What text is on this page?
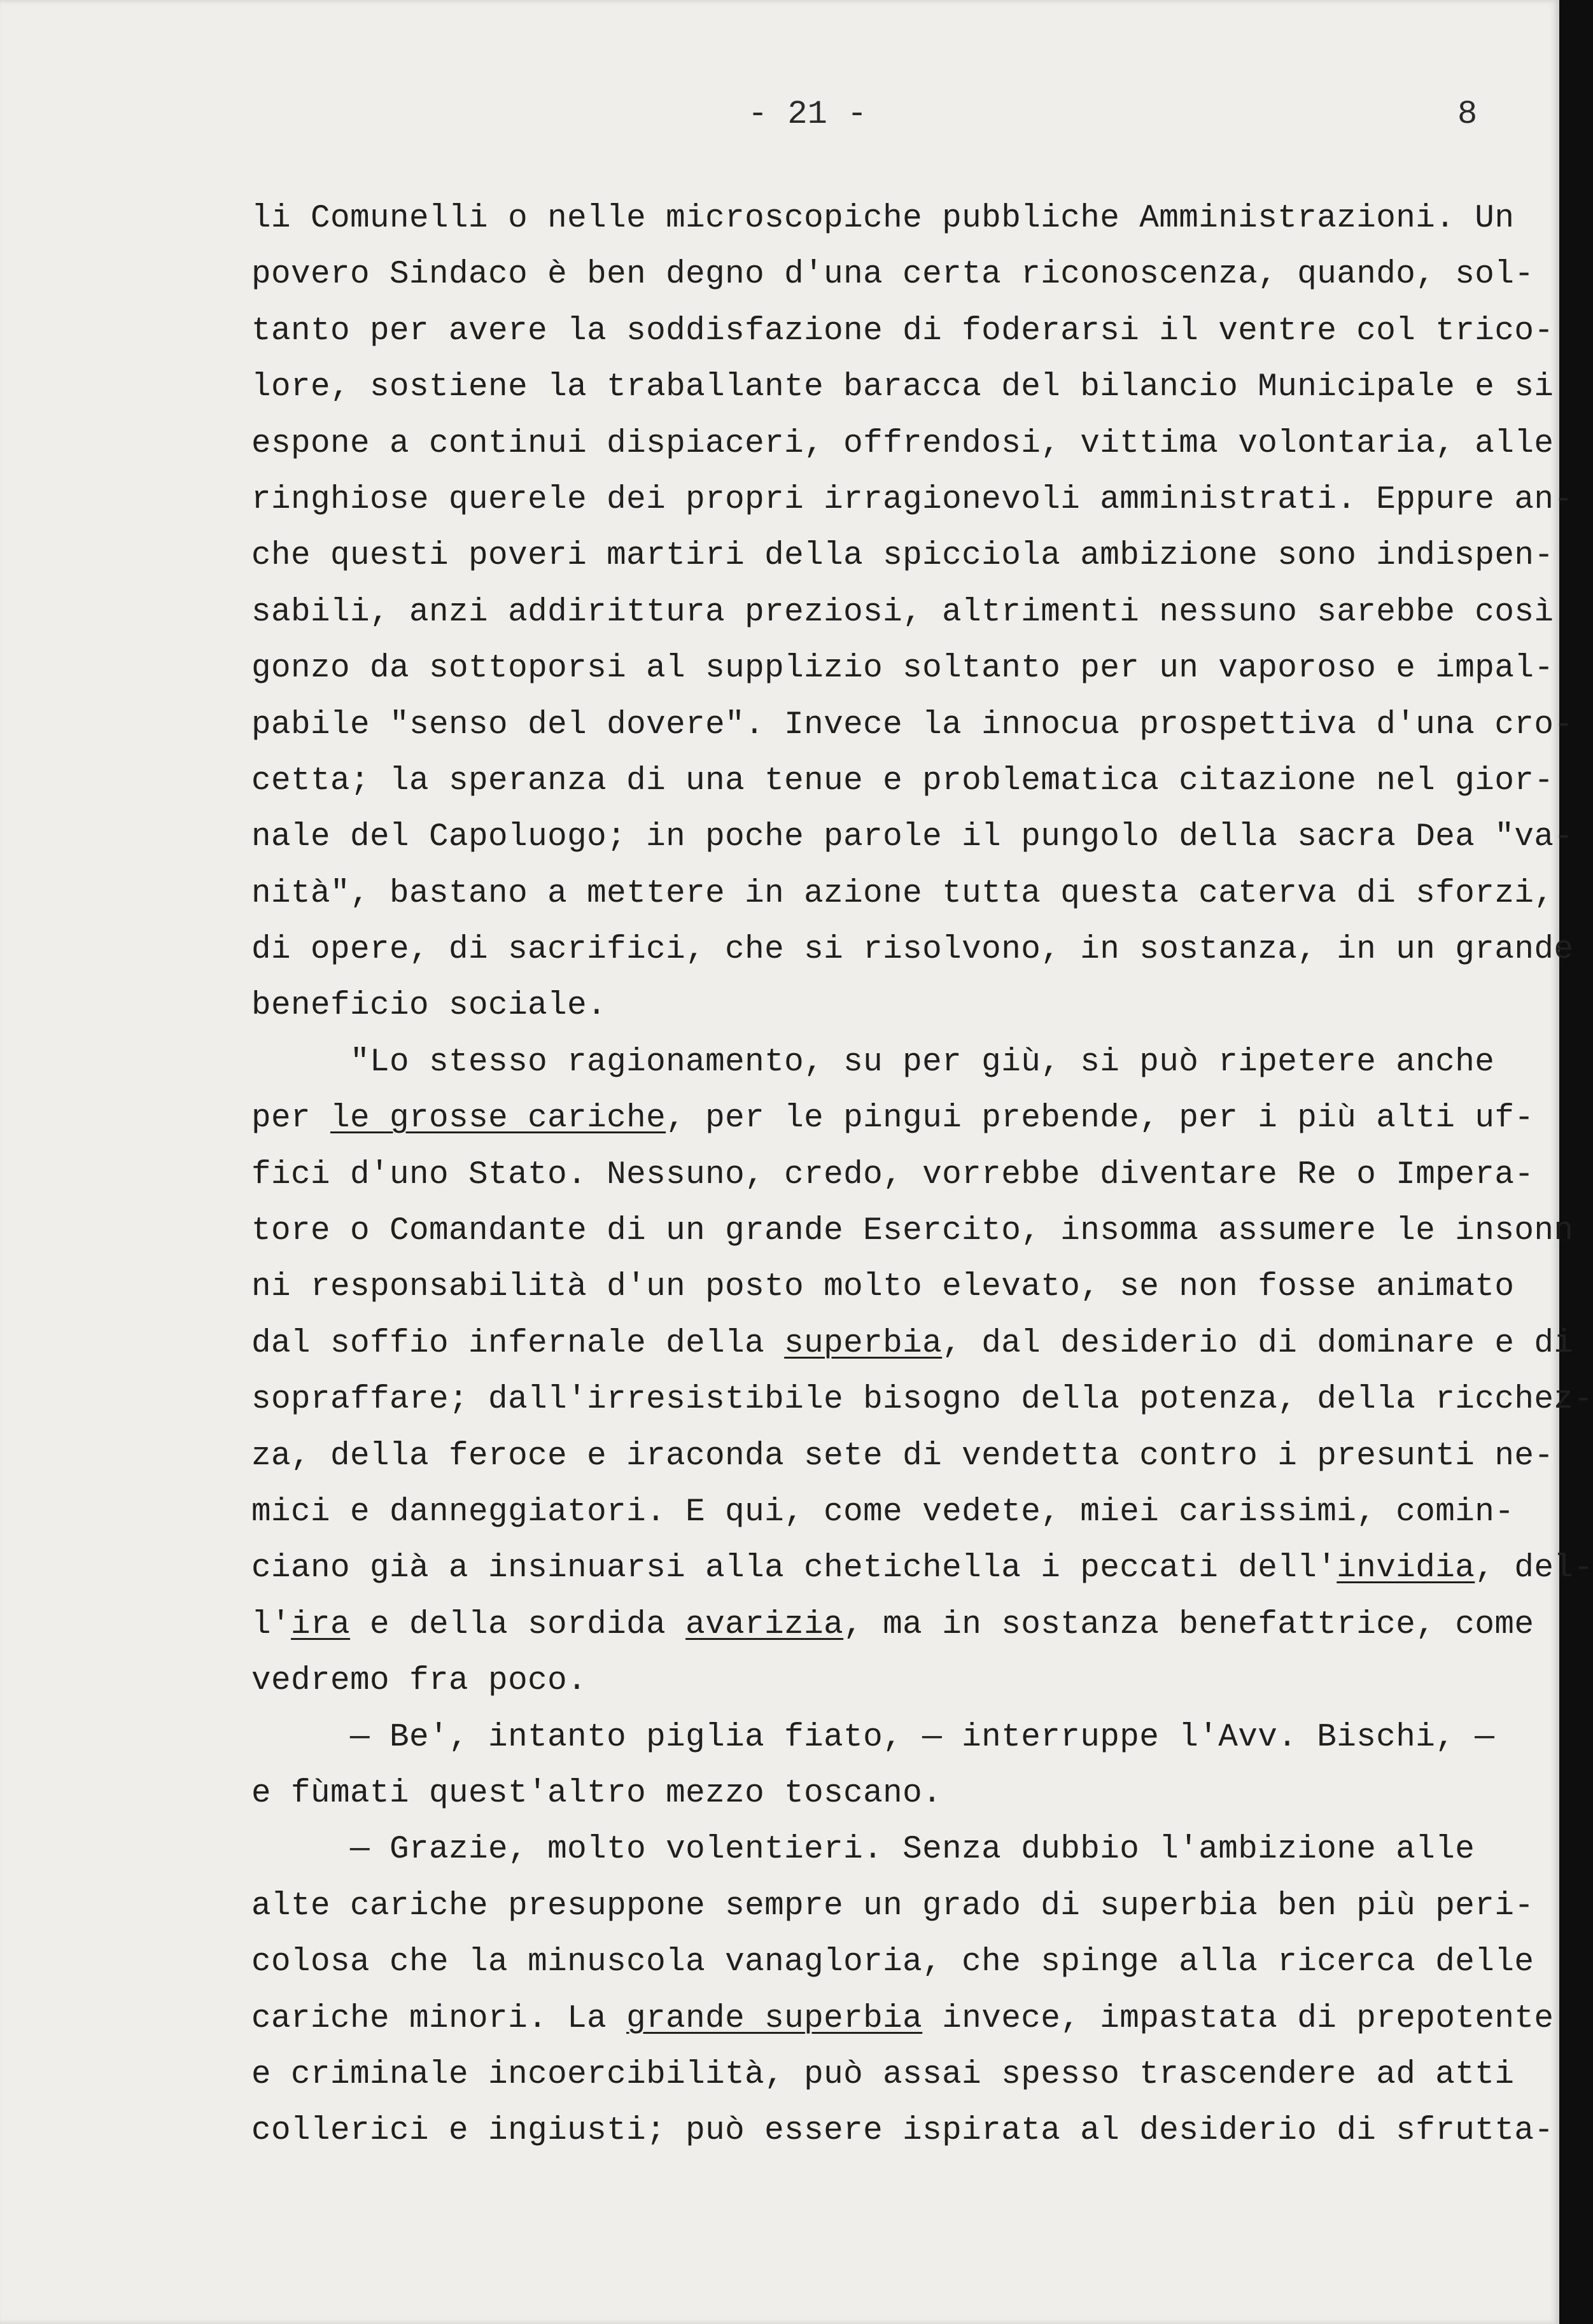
- 21 -	8
li Comunelli o nelle microscopiche pubbliche Amministrazioni. Un
povero Sindaco è ben degno d'una certa riconoscenza, quando, sol-
tanto per avere la soddisfazione di foderarsi il ventre col trico-
lore, sostiene la traballante baracca del bilancio Municipale e si
espone a continui dispiaceri, offrendosi, vittima volontaria, alle
ringhiose querele dei propri irragionevoli amministrati. Eppure an-
che questi poveri martiri della spicciola ambizione sono indispen-
sabili, anzi addirittura preziosi, altrimenti nessuno sarebbe così
gonzo da sottoporsi al supplizio soltanto per un vaporoso e impal-
pabile "senso del dovere". Invece la innocua prospettiva d'una cro-
cetta; la speranza di una tenue e problematica citazione nel gior-
nale del Capoluogo; in poche parole il pungolo della sacra Dea "va-
nità", bastano a mettere in azione tutta questa caterva di sforzi,
di opere, di sacrifici, che si risolvono, in sostanza, in un grande
beneficio sociale.
"Lo stesso ragionamento, su per giù, si può ripetere anche
per le grosse cariche, per le pingui prebende, per i più alti uf-
fici d'uno Stato. Nessuno, credo, vorrebbe diventare Re o Impera-
tore o Comandante di un grande Esercito, insomma assumere le insonn
ni responsabilità d'un posto molto elevato, se non fosse animato
dal soffio infernale della superbia, dal desiderio di dominare e di
sopraffare; dall'irresistibile bisogno della potenza, della ricchez-
za, della feroce e iraconda sete di vendetta contro i presunti ne-
mici e danneggiatori. E qui, come vedete, miei carissimi, comin-
ciano già a insinuarsi alla chetichella i peccati dell'invidia, del-
l'ira e della sordida avarizia, ma in sostanza benefattrice, come
vedremo fra poco.
— Be', intanto piglia fiato, — interruppe l'Avv. Bischi, —
e fùmati quest'altro mezzo toscano.
— Grazie, molto volentieri. Senza dubbio l'ambizione alle
alte cariche presuppone sempre un grado di superbia ben più peri-
colosa che la minuscola vanagloria, che spinge alla ricerca delle
cariche minori. La grande superbia invece, impastata di prepotente
e criminale incoercibilità, può assai spesso trascendere ad atti
collerici e ingiusti; può essere ispirata al desiderio di sfrutta-
